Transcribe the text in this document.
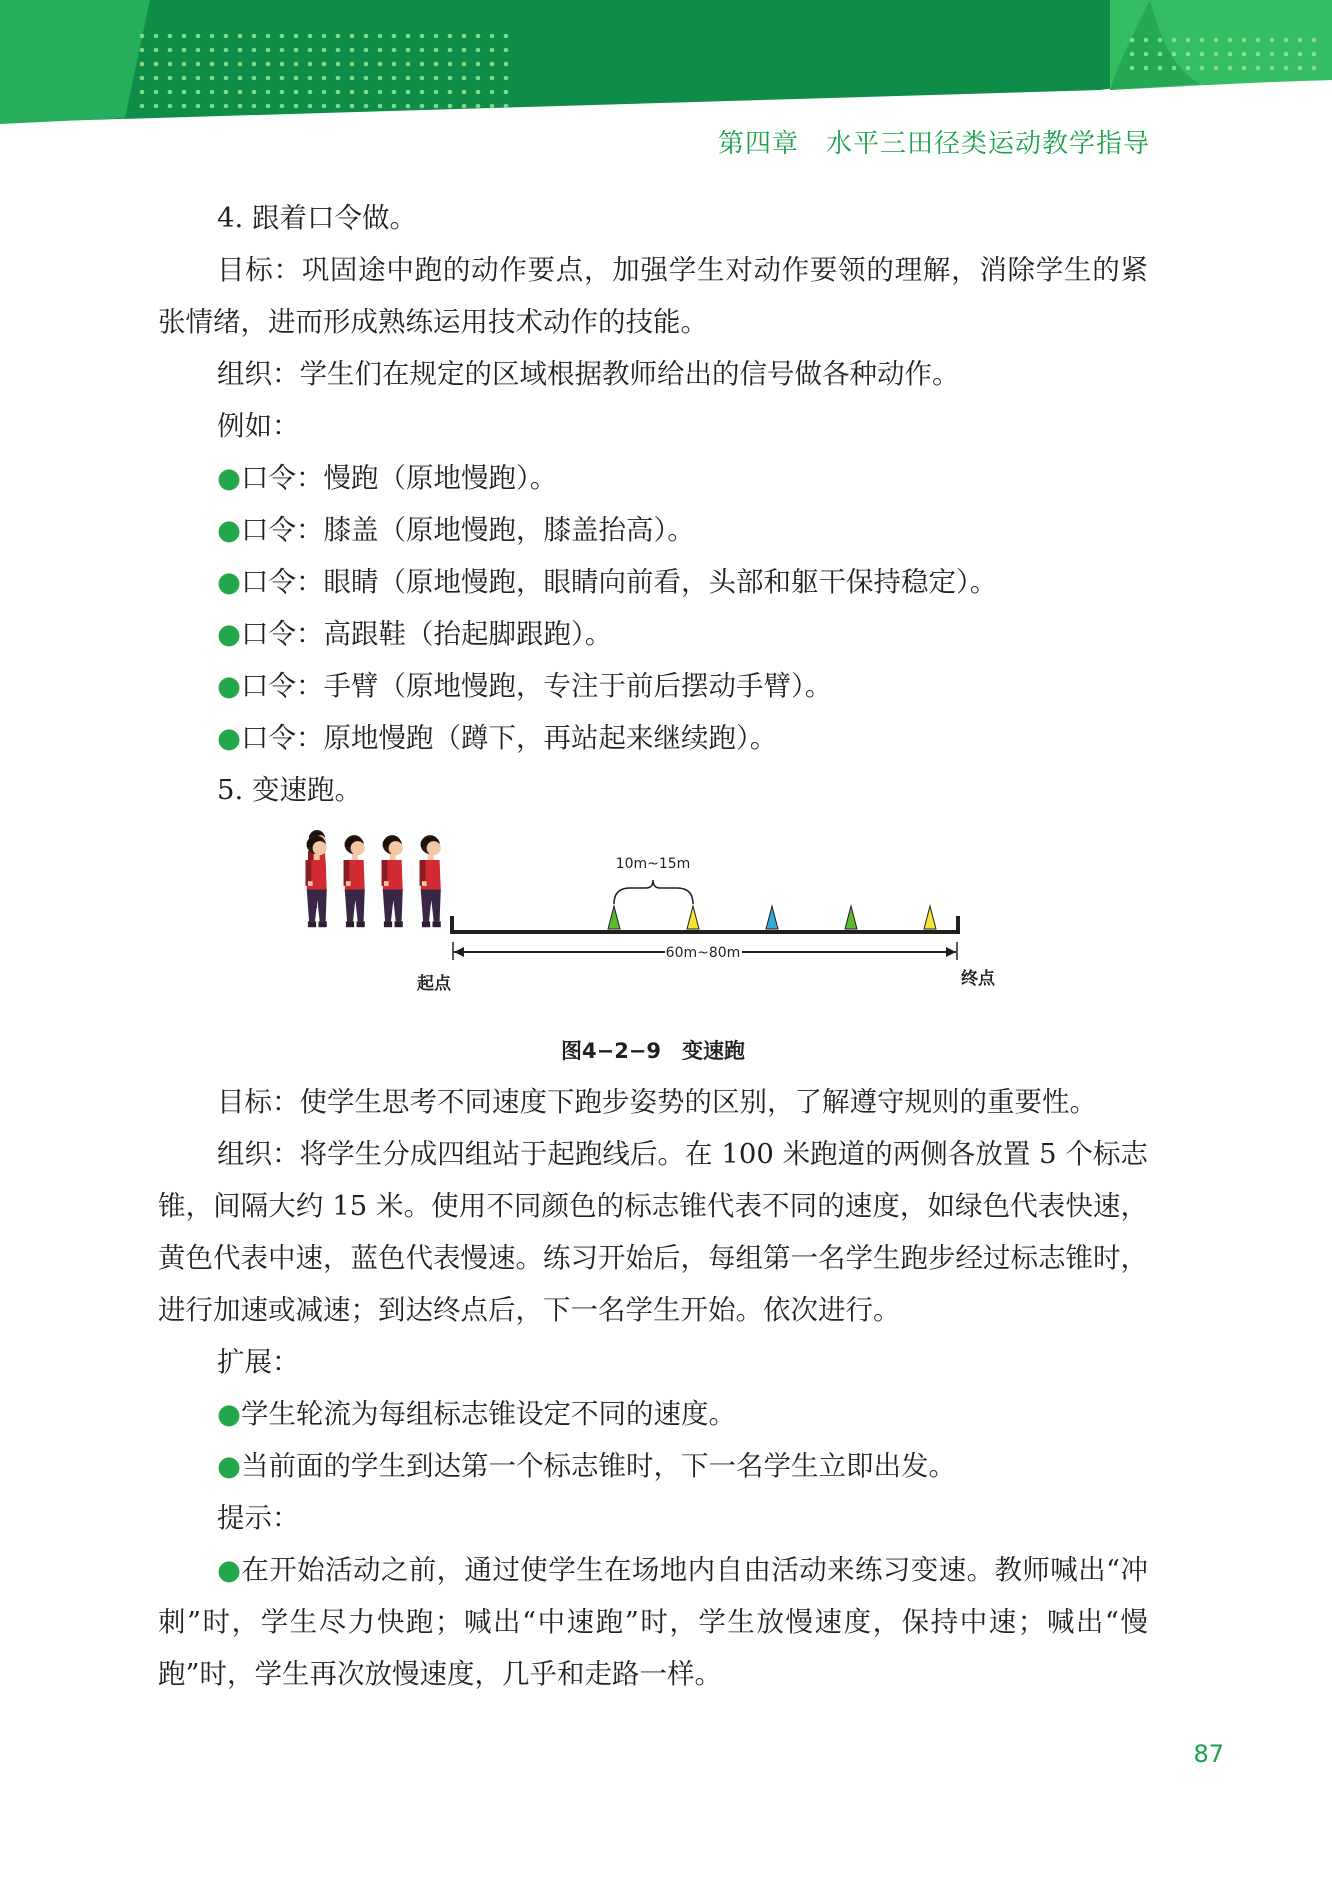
第四章　水平三田径类运动教学指导

4. 跟着口令做。

目标：巩固途中跑的动作要点，加强学生对动作要领的理解，消除学生的紧张情绪，进而形成熟练运用技术动作的技能。

组织：学生们在规定的区域根据教师给出的信号做各种动作。

例如：

●口令：慢跑（原地慢跑）。

●口令：膝盖（原地慢跑，膝盖抬高）。

●口令：眼睛（原地慢跑，眼睛向前看，头部和躯干保持稳定）。

●口令：高跟鞋（抬起脚跟跑）。

●口令：手臂（原地慢跑，专注于前后摆动手臂）。

●口令：原地慢跑（蹲下，再站起来继续跑）。

5. 变速跑。

10m~15m
60m~80m
起点	终点
图4−2−9　变速跑

目标：使学生思考不同速度下跑步姿势的区别，了解遵守规则的重要性。

组织：将学生分成四组站于起跑线后。在 100 米跑道的两侧各放置 5 个标志锥，间隔大约 15 米。使用不同颜色的标志锥代表不同的速度，如绿色代表快速，黄色代表中速，蓝色代表慢速。练习开始后，每组第一名学生跑步经过标志锥时，进行加速或减速；到达终点后，下一名学生开始。依次进行。

扩展：

●学生轮流为每组标志锥设定不同的速度。

●当前面的学生到达第一个标志锥时，下一名学生立即出发。

提示：

●在开始活动之前，通过使学生在场地内自由活动来练习变速。教师喊出“冲刺”时，学生尽力快跑；喊出“中速跑”时，学生放慢速度，保持中速；喊出“慢跑”时，学生再次放慢速度，几乎和走路一样。

87
